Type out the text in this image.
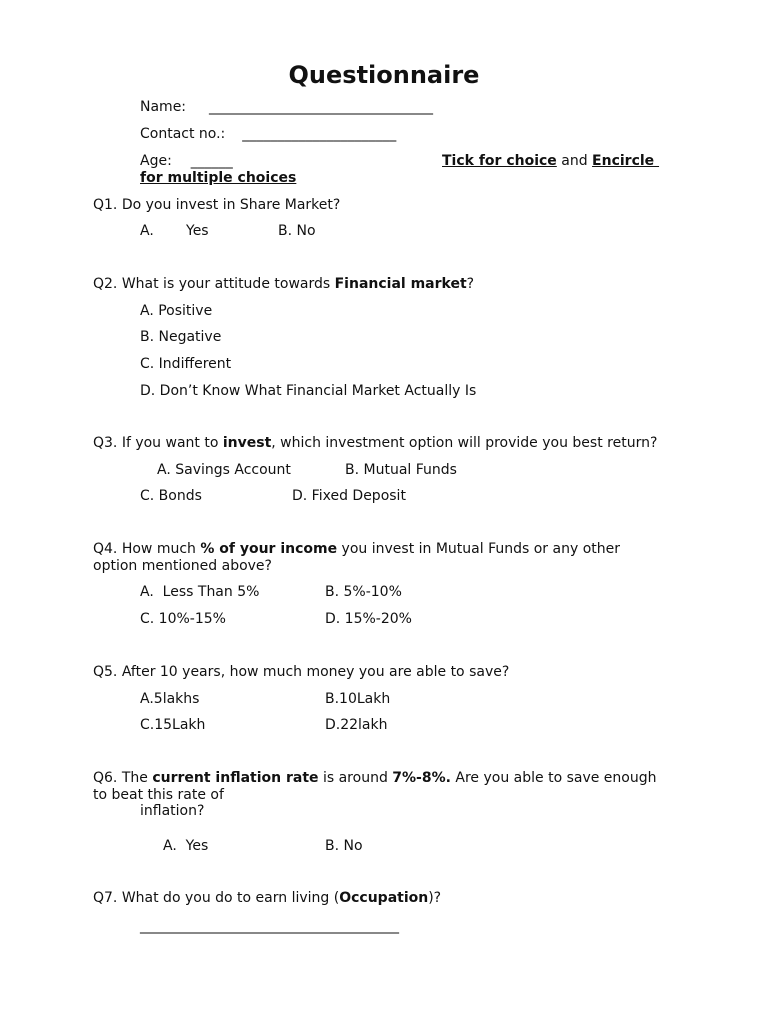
Questionnaire
Name: ________________________________
Contact no.: ______________________
Age: ______	Tick for choice and Encircle
for multiple choices
Q1. Do you invest in Share Market?
A. Yes	B. No
Q2. What is your attitude towards Financial market?
A. Positive
B. Negative
C. Indifferent
D. Don’t Know What Financial Market Actually Is
Q3. If you want to invest, which investment option will provide you best return?
A. Savings Account	B. Mutual Funds
C. Bonds	D. Fixed Deposit
Q4. How much % of your income you invest in Mutual Funds or any other
option mentioned above?
A.  Less Than 5%	B. 5%-10%
C. 10%-15%	D. 15%-20%
Q5. After 10 years, how much money you are able to save?
A.5lakhs	B.10Lakh
C.15Lakh	D.22lakh
Q6. The current inflation rate is around 7%-8%. Are you able to save enough
to beat this rate of
inflation?
A.  Yes	B. No
Q7. What do you do to earn living (Occupation)?
_____________________________________
